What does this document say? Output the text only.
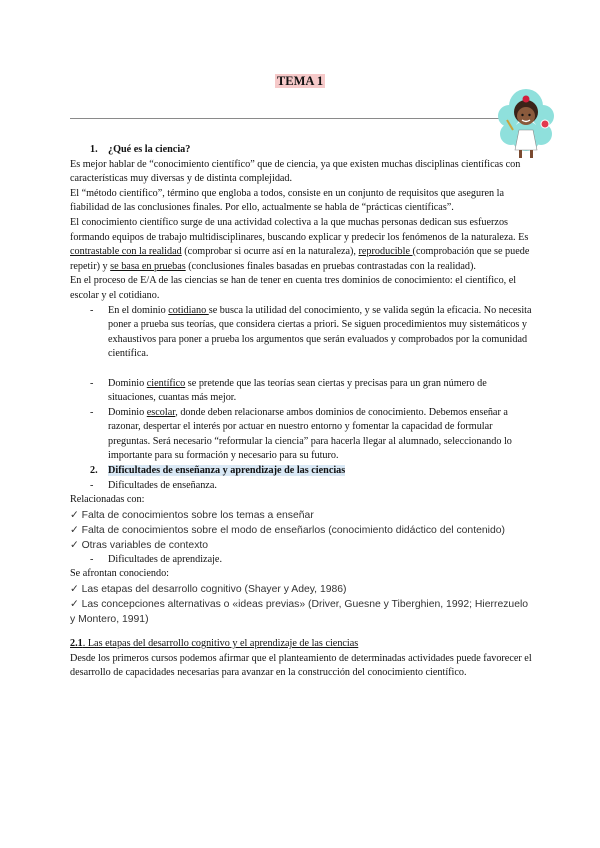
TEMA 1

1. ¿Qué es la ciencia?

Es mejor hablar de “conocimiento científico” que de ciencia, ya que existen muchas disciplinas científicas con características muy diversas y de distinta complejidad.

El “método científico”, término que engloba a todos, consiste en un conjunto de requisitos que aseguren la fiabilidad de las conclusiones finales. Por ello, actualmente se habla de “prácticas científicas”.

El conocimiento científico surge de una actividad colectiva a la que muchas personas dedican sus esfuerzos formando equipos de trabajo multidisciplinares, buscando explicar y predecir los fenómenos de la naturaleza. Es contrastable con la realidad (comprobar si ocurre así en la naturaleza), reproducible (comprobación que se puede repetir) y se basa en pruebas (conclusiones finales basadas en pruebas contrastadas con la realidad).

En el proceso de E/A de las ciencias se han de tener en cuenta tres dominios de conocimiento: el científico, el escolar y el cotidiano.

- En el dominio cotidiano se busca la utilidad del conocimiento, y se valida según la eficacia. No necesita poner a prueba sus teorías, que considera ciertas a priori. Se siguen procedimientos muy sistemáticos y exhaustivos para poner a prueba los argumentos que serán evaluados y comprobados por la comunidad científica.

- Dominio científico se pretende que las teorías sean ciertas y precisas para un gran número de situaciones, cuantas más mejor.

- Dominio escolar, donde deben relacionarse ambos dominios de conocimiento. Debemos enseñar a razonar, despertar el interés por actuar en nuestro entorno y fomentar la capacidad de formular preguntas. Será necesario “reformular la ciencia” para hacerla llegar al alumnado, seleccionando lo importante para su formación y necesario para su futuro.

2. Dificultades de enseñanza y aprendizaje de las ciencias

- Dificultades de enseñanza.

Relacionadas con:

✓ Falta de conocimientos sobre los temas a enseñar

✓ Falta de conocimientos sobre el modo de enseñarlos (conocimiento didáctico del contenido)

✓ Otras variables de contexto

- Dificultades de aprendizaje.

Se afrontan conociendo:

✓ Las etapas del desarrollo cognitivo (Shayer y Adey, 1986)

✓ Las concepciones alternativas o «ideas previas» (Driver, Guesne y Tiberghien, 1992; Hierrezuelo y Montero, 1991)

2.1. Las etapas del desarrollo cognitivo y el aprendizaje de las ciencias

Desde los primeros cursos podemos afirmar que el planteamiento de determinadas actividades puede favorecer el desarrollo de capacidades necesarias para avanzar en la construcción del conocimiento científico.
